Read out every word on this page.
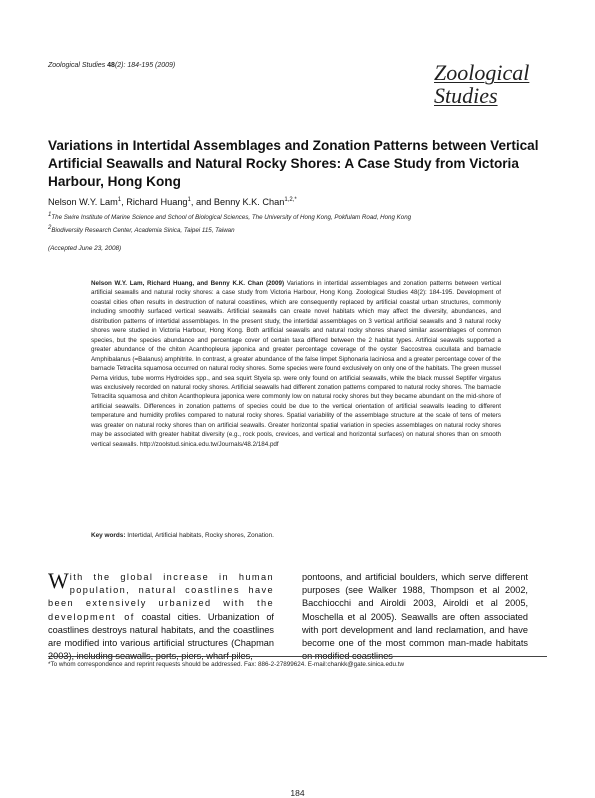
Zoological Studies 48(2): 184-195 (2009)	Zoological
Studies
Variations in Intertidal Assemblages and Zonation Patterns between Vertical Artificial Seawalls and Natural Rocky Shores: A Case Study from Victoria Harbour, Hong Kong
Nelson W.Y. Lam$^1$, Richard Huang$^1$, and Benny K.K. Chan$^{1,2,*}$
$^1$The Swire Institute of Marine Science and School of Biological Sciences, The University of Hong Kong, Pokfulam Road, Hong Kong
$^2$Biodiversity Research Center, Academia Sinica, Taipei 115, Taiwan
(Accepted June 23, 2008)
Nelson W.Y. Lam, Richard Huang, and Benny K.K. Chan (2009) Variations in intertidal assemblages and zonation patterns between vertical artificial seawalls and natural rocky shores: a case study from Victoria Harbour, Hong Kong. Zoological Studies 48(2): 184-195. Development of coastal cities often results in destruction of natural coastlines, which are consequently replaced by artificial coastal urban structures, commonly including smoothly surfaced vertical seawalls. Artificial seawalls can create novel habitats which may affect the diversity, abundances, and distribution patterns of intertidal assemblages. In the present study, the intertidal assemblages on 3 vertical artificial seawalls and 3 natural rocky shores were studied in Victoria Harbour, Hong Kong. Both artificial seawalls and natural rocky shores shared similar assemblages of common species, but the species abundance and percentage cover of certain taxa differed between the 2 habitat types. Artificial seawalls supported a greater abundance of the chiton Acanthopleura japonica and greater percentage coverage of the oyster Saccostrea cucullata and barnacle Amphibalanus (=Balanus) amphitrite. In contrast, a greater abundance of the false limpet Siphonaria laciniosa and a greater percentage cover of the barnacle Tetraclita squamosa occurred on natural rocky shores. Some species were found exclusively on only one of the habitats. The green mussel Perna viridus, tube worms Hydroides spp., and sea squirt Styela sp. were only found on artificial seawalls, while the black mussel Septifer virgatus was exclusively recorded on natural rocky shores. Artificial seawalls had different zonation patterns compared to natural rocky shores. The barnacle Tetraclita squamosa and chiton Acanthopleura japonica were commonly low on natural rocky shores but they became abundant on the mid-shore of artificial seawalls. Differences in zonation patterns of species could be due to the vertical orientation of artificial seawalls leading to different temperature and humidity profiles compared to natural rocky shores. Spatial variability of the assemblage structure at the scale of tens of meters was greater on natural rocky shores than on artificial seawalls. Greater horizontal spatial variation in species assemblages on natural rocky shores may be associated with greater habitat diversity (e.g., rock pools, crevices, and vertical and horizontal surfaces) on natural shores than on smooth vertical seawalls. http://zoolstud.sinica.edu.tw/Journals/48.2/184.pdf
Key words: Intertidal, Artificial habitats, Rocky shores, Zonation.
With the global increase in human population, natural coastlines have been extensively urbanized with the development of coastal cities. Urbanization of coastlines destroys natural habitats, and the coastlines are modified into various artificial structures (Chapman 2003), including seawalls, ports, piers, wharf piles,
pontoons, and artificial boulders, which serve different purposes (see Walker 1988, Thompson et al 2002, Bacchiocchi and Airoldi 2003, Airoldi et al 2005, Moschella et al 2005). Seawalls are often associated with port development and land reclamation, and have become one of the most common man-made habitats on modified coastlines
*To whom correspondence and reprint requests should be addressed. Fax: 886-2-27899624. E-mail:chankk@gate.sinica.edu.tw
184
